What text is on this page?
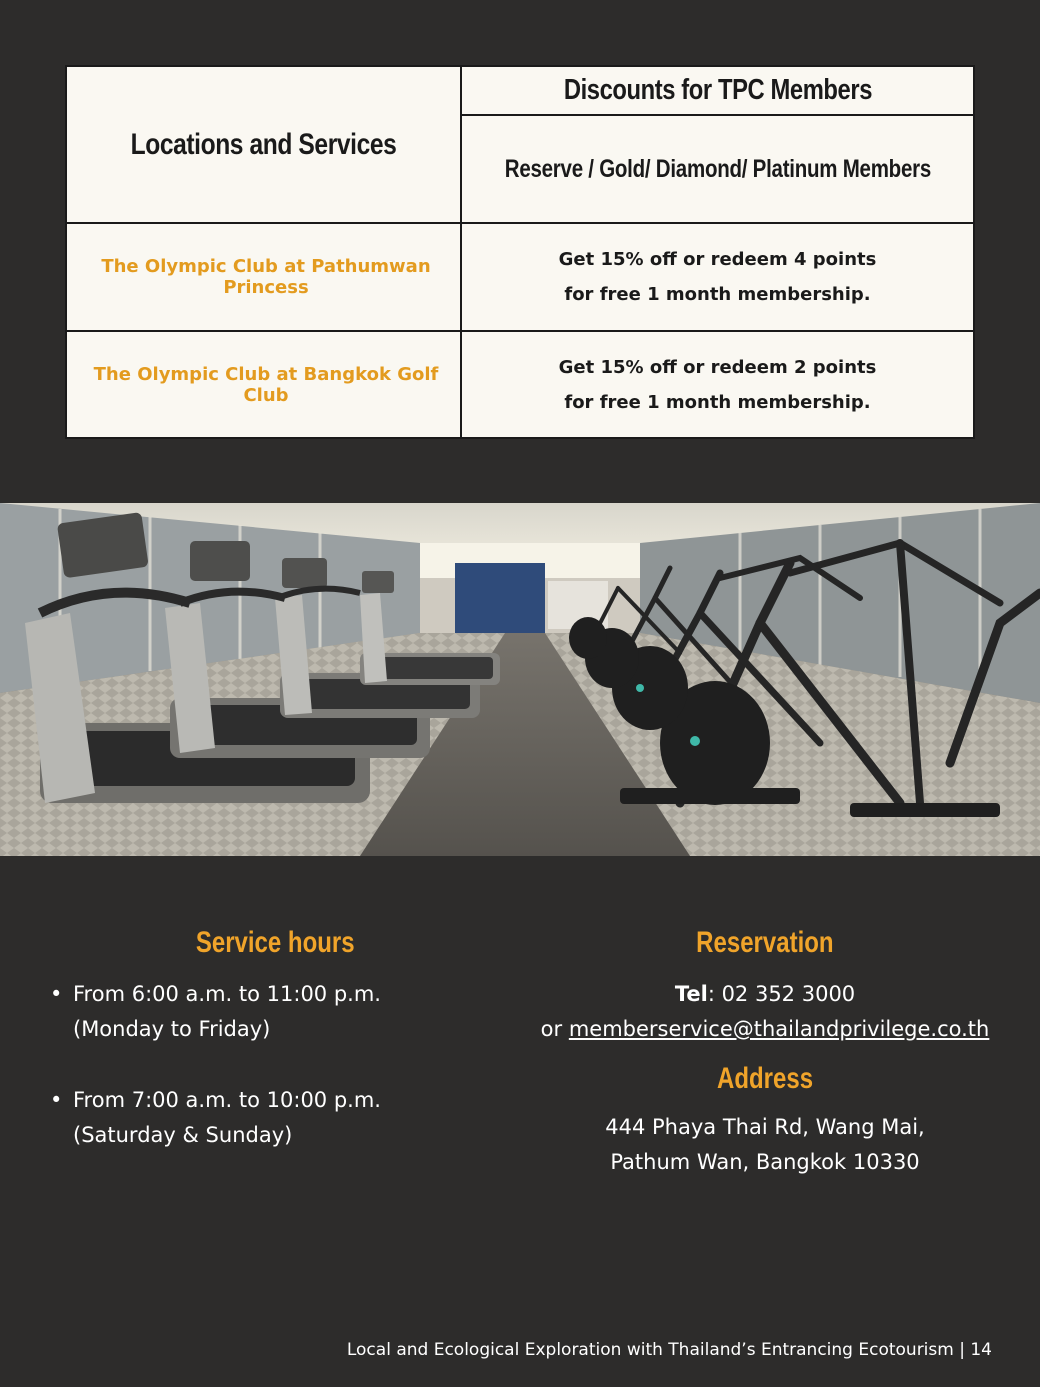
Locations and Services
Discounts for TPC Members
Reserve / Gold/ Diamond/ Platinum Members
The Olympic Club at Pathumwan Princess
Get 15% off or redeem 4 points
for free 1 month membership.
The Olympic Club at Bangkok Golf Club
Get 15% off or redeem 2 points
for free 1 month membership.
Service hours
• From 6:00 a.m. to 11:00 p.m.
(Monday to Friday)
• From 7:00 a.m. to 10:00 p.m.
(Saturday & Sunday)
Reservation
Tel: 02 352 3000
or memberservice@thailandprivilege.co.th
Address
444 Phaya Thai Rd, Wang Mai,
Pathum Wan, Bangkok 10330
Local and Ecological Exploration with Thailand’s Entrancing Ecotourism | 14
